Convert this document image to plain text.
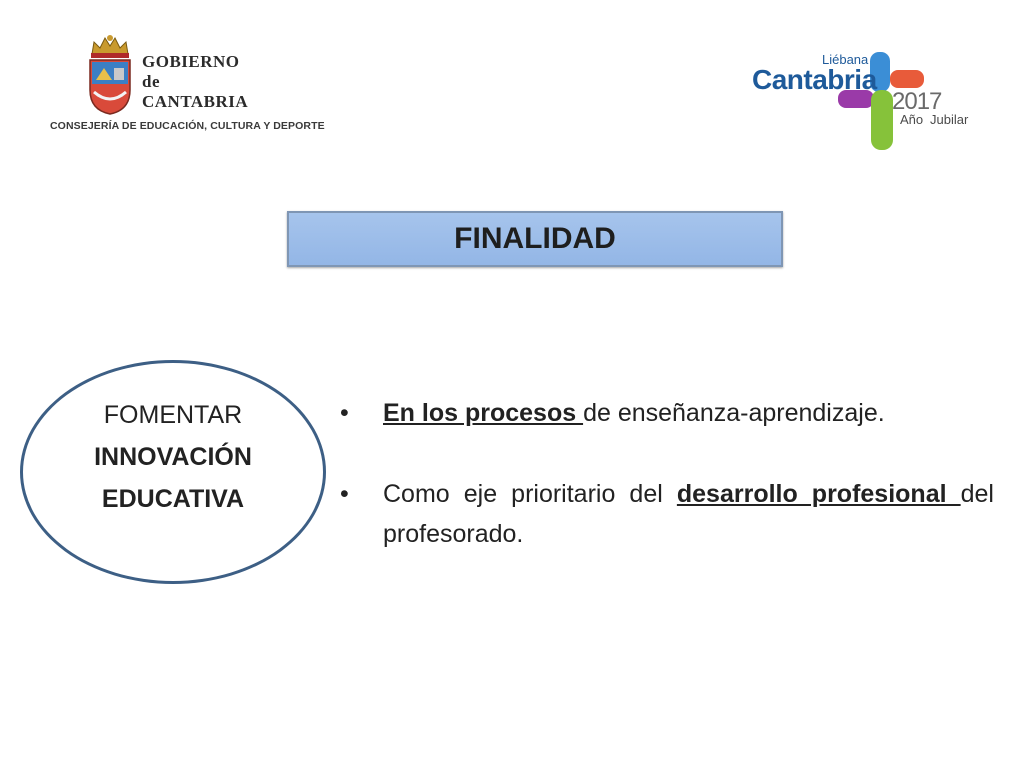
GOBIERNO
de
CANTABRIA
CONSEJERÍA DE EDUCACIÓN, CULTURA Y DEPORTE
Liébana
Cantabria
2017
Año Jubilar
FINALIDAD
FOMENTAR
INNOVACIÓN
EDUCATIVA
• En los procesos de enseñanza-aprendizaje.
• Como eje prioritario del desarrollo profesional del profesorado.
